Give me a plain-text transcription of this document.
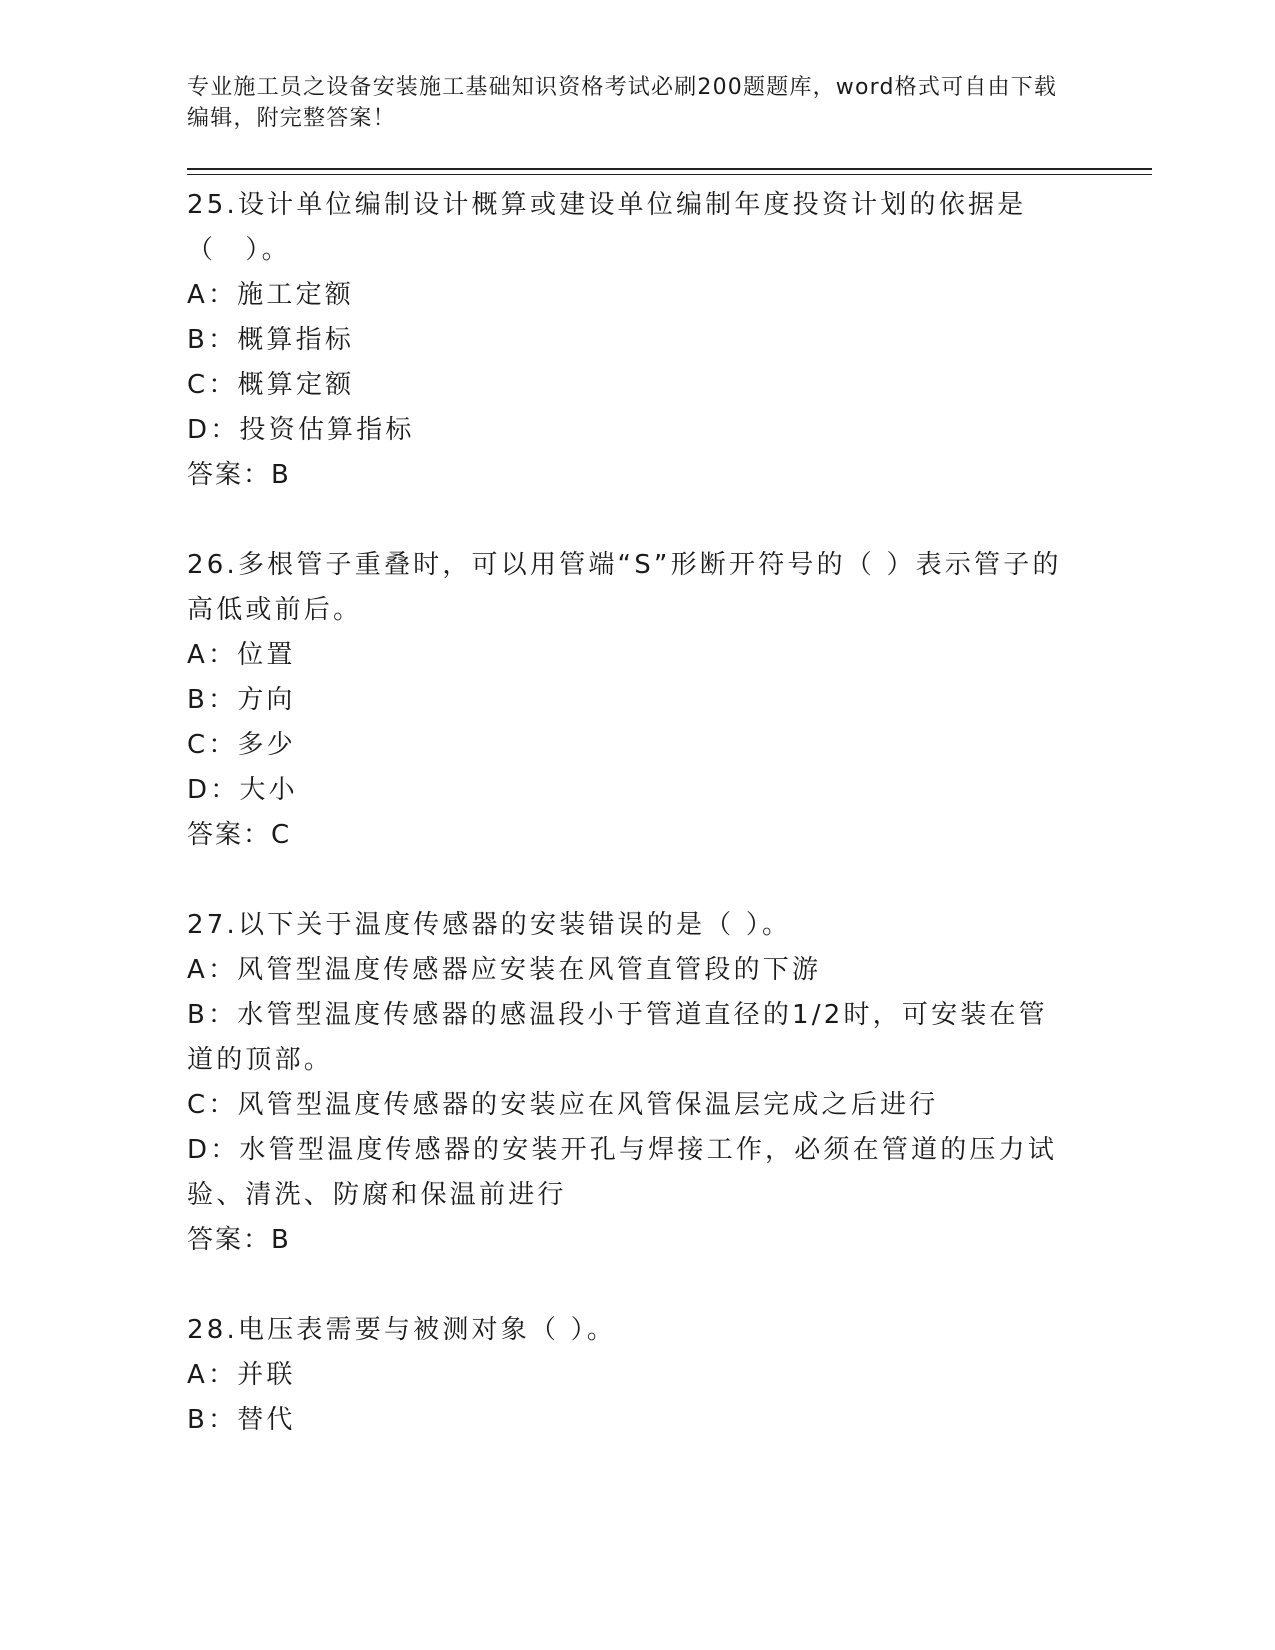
专业施工员之设备安装施工基础知识资格考试必刷200题题库，word格式可自由下载编辑，附完整答案！

25.设计单位编制设计概算或建设单位编制年度投资计划的依据是（　）。

A：施工定额

B：概算指标

C：概算定额

D：投资估算指标

答案：B

26.多根管子重叠时，可以用管端“S”形断开符号的（ ）表示管子的高低或前后。

A：位置

B：方向

C：多少

D：大小

答案：C

27.以下关于温度传感器的安装错误的是（ ）。

A：风管型温度传感器应安装在风管直管段的下游

B：水管型温度传感器的感温段小于管道直径的1/2时，可安装在管道的顶部。

C：风管型温度传感器的安装应在风管保温层完成之后进行

D：水管型温度传感器的安装开孔与焊接工作，必须在管道的压力试验、清洗、防腐和保温前进行

答案：B

28.电压表需要与被测对象（ ）。

A：并联

B：替代
